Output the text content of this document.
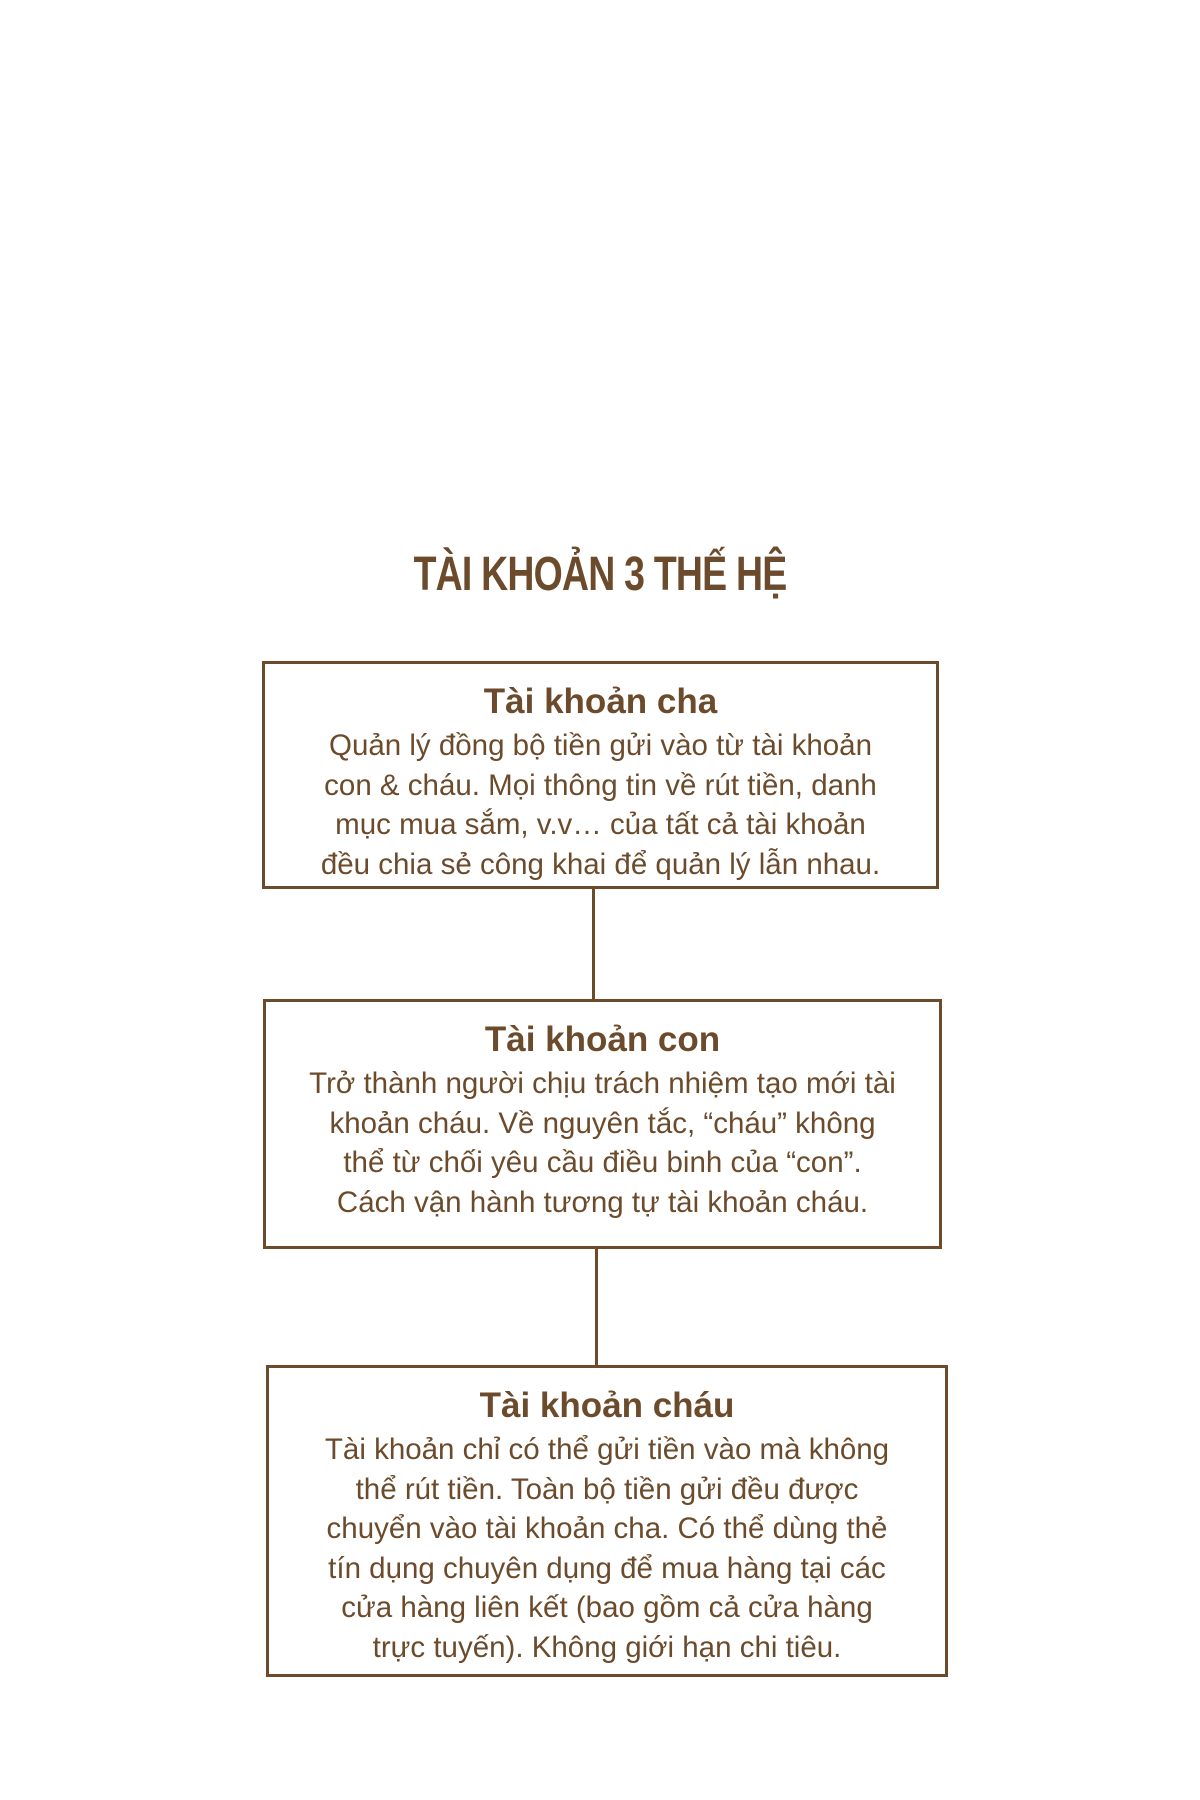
TÀI KHOẢN 3 THẾ HỆ
Tài khoản cha
Quản lý đồng bộ tiền gửi vào từ tài khoản
con & cháu. Mọi thông tin về rút tiền, danh
mục mua sắm, v.v… của tất cả tài khoản
đều chia sẻ công khai để quản lý lẫn nhau.
Tài khoản con
Trở thành người chịu trách nhiệm tạo mới tài
khoản cháu. Về nguyên tắc, “cháu” không
thể từ chối yêu cầu điều binh của “con”.
Cách vận hành tương tự tài khoản cháu.
Tài khoản cháu
Tài khoản chỉ có thể gửi tiền vào mà không
thể rút tiền. Toàn bộ tiền gửi đều được
chuyển vào tài khoản cha. Có thể dùng thẻ
tín dụng chuyên dụng để mua hàng tại các
cửa hàng liên kết (bao gồm cả cửa hàng
trực tuyến). Không giới hạn chi tiêu.
